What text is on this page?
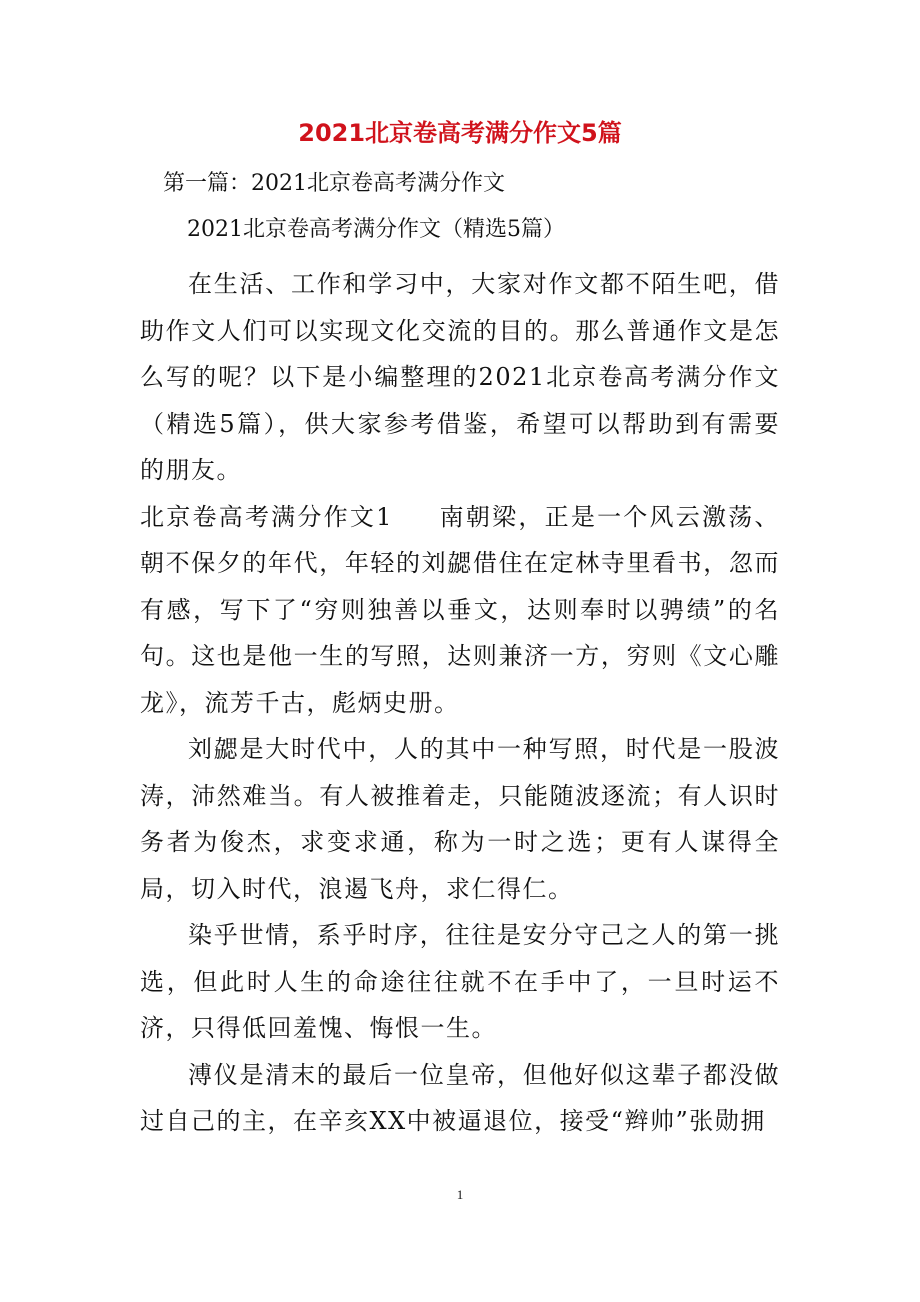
2021北京卷高考满分作文5篇
第一篇：2021北京卷高考满分作文
2021北京卷高考满分作文（精选5篇）

在生活、工作和学习中，大家对作文都不陌生吧，借助作文人们可以实现文化交流的目的。那么普通作文是怎么写的呢？以下是小编整理的2021北京卷高考满分作文（精选5篇），供大家参考借鉴，希望可以帮助到有需要的朋友。

北京卷高考满分作文1 南朝梁，正是一个风云激荡、朝不保夕的年代，年轻的刘勰借住在定林寺里看书，忽而有感，写下了“穷则独善以垂文，达则奉时以骋绩”的名句。这也是他一生的写照，达则兼济一方，穷则《文心雕龙》，流芳千古，彪炳史册。

刘勰是大时代中，人的其中一种写照，时代是一股波涛，沛然难当。有人被推着走，只能随波逐流；有人识时务者为俊杰，求变求通，称为一时之选；更有人谋得全局，切入时代，浪遏飞舟，求仁得仁。

染乎世情，系乎时序，往往是安分守己之人的第一挑选，但此时人生的命途往往就不在手中了，一旦时运不济，只得低回羞愧、悔恨一生。

溥仪是清末的最后一位皇帝，但他好似这辈子都没做过自己的主，在辛亥XX中被逼退位，接受“辫帅”张勋拥

1
